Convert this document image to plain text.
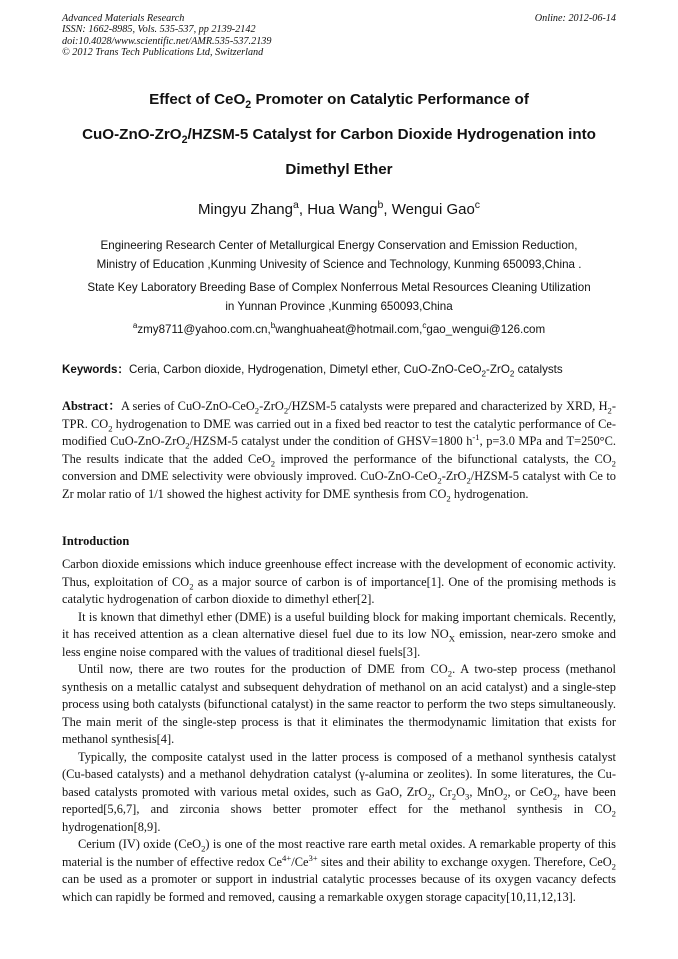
Advanced Materials Research
ISSN: 1662-8985, Vols. 535-537, pp 2139-2142
doi:10.4028/www.scientific.net/AMR.535-537.2139
© 2012 Trans Tech Publications Ltd, Switzerland
Online: 2012-06-14
Effect of CeO$_2$ Promoter on Catalytic Performance of
CuO-ZnO-ZrO$_2$/HZSM-5 Catalyst for Carbon Dioxide Hydrogenation into
Dimethyl Ether
Mingyu Zhang$^a$, Hua Wang$^b$, Wengui Gao$^c$
Engineering Research Center of Metallurgical Energy Conservation and Emission Reduction,
Ministry of Education ,Kunming Univesity of Science and Technology, Kunming 650093,China .
State Key Laboratory Breeding Base of Complex Nonferrous Metal Resources Cleaning Utilization
in Yunnan Province ,Kunming 650093,China
$^a$zmy8711@yahoo.com.cn,$^b$wanghuaheat@hotmail.com,$^c$gao_wengui@126.com
Keywords：Ceria, Carbon dioxide, Hydrogenation, Dimetyl ether, CuO-ZnO-CeO$_2$-ZrO$_2$ catalysts

Abstract：A series of CuO-ZnO-CeO$_2$-ZrO$_2$/HZSM-5 catalysts were prepared and characterized by XRD, $H_2$-TPR. $CO_2$ hydrogenation to DME was carried out in a fixed bed reactor to test the catalytic performance of Ce-modified CuO-ZnO-ZrO$_2$/HZSM-5 catalyst under the condition of GHSV=1800 $h^{-1}$, p=3.0 MPa and T=250°C. The results indicate that the added CeO$_2$ improved the performance of the bifunctional catalysts, the $CO_2$ conversion and DME selectivity were obviously improved. CuO-ZnO-CeO$_2$-ZrO$_2$/HZSM-5 catalyst with Ce to Zr molar ratio of 1/1 showed the highest activity for DME synthesis from $CO_2$ hydrogenation.

Introduction

Carbon dioxide emissions which induce greenhouse effect increase with the development of economic activity. Thus, exploitation of $CO_2$ as a major source of carbon is of importance[1]. One of the promising methods is catalytic hydrogenation of carbon dioxide to dimethyl ether[2].

It is known that dimethyl ether (DME) is a useful building block for making important chemicals. Recently, it has received attention as a clean alternative diesel fuel due to its low $NO_X$ emission, near-zero smoke and less engine noise compared with the values of traditional diesel fuels[3].

Until now, there are two routes for the production of DME from $CO_2$. A two-step process (methanol synthesis on a metallic catalyst and subsequent dehydration of methanol on an acid catalyst) and a single-step process using both catalysts (bifunctional catalyst) in the same reactor to perform the two steps simultaneously. The main merit of the single-step process is that it eliminates the thermodynamic limitation that exists for methanol synthesis[4].

Typically, the composite catalyst used in the latter process is composed of a methanol synthesis catalyst (Cu-based catalysts) and a methanol dehydration catalyst (γ-alumina or zeolites). In some literatures, the Cu-based catalysts promoted with various metal oxides, such as GaO, ZrO$_2$, $Cr_2O_3$, MnO$_2$, or CeO$_2$, have been reported[5,6,7], and zirconia shows better promoter effect for the methanol synthesis in $CO_2$ hydrogenation[8,9].

Cerium (IV) oxide (CeO$_2$) is one of the most reactive rare earth metal oxides. A remarkable property of this material is the number of effective redox $Ce^{4+}/Ce^{3+}$ sites and their ability to exchange oxygen. Therefore, CeO$_2$ can be used as a promoter or support in industrial catalytic processes because of its oxygen vacancy defects which can rapidly be formed and removed, causing a remarkable oxygen storage capacity[10,11,12,13].
